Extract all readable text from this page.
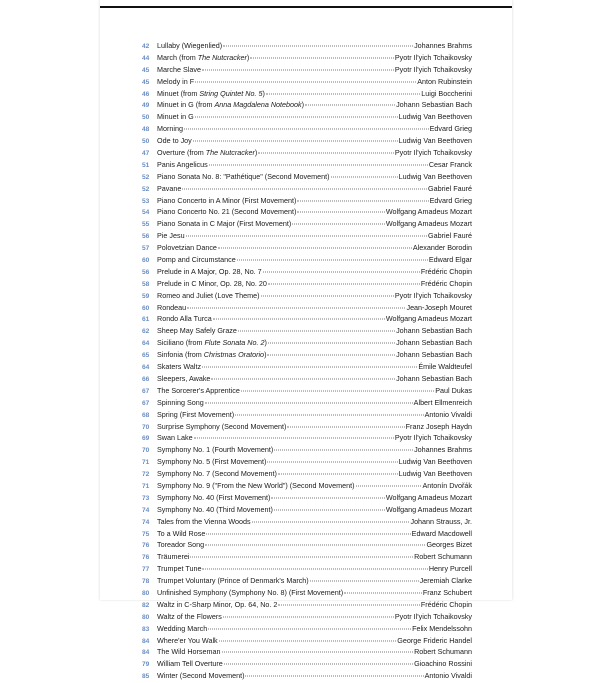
42	Lullaby (Wiegenlied)	Johannes Brahms
44	March (from The Nutcracker)	Pyotr Il'yich Tchaikovsky
45	Marche Slave	Pyotr Il'yich Tchaikovsky
45	Melody in F	Anton Rubinstein
46	Minuet (from String Quintet No. 5)	Luigi Boccherini
49	Minuet in G (from Anna Magdalena Notebook)	Johann Sebastian Bach
50	Minuet in G	Ludwig Van Beethoven
48	Morning	Edvard Grieg
50	Ode to Joy	Ludwig Van Beethoven
47	Overture (from The Nutcracker)	Pyotr Il'yich Tchaikovsky
51	Panis Angelicus	Cesar Franck
52	Piano Sonata No. 8: "Pathétique" (Second Movement)	Ludwig Van Beethoven
52	Pavane	Gabriel Fauré
53	Piano Concerto in A Minor (First Movement)	Edvard Grieg
54	Piano Concerto No. 21 (Second Movement)	Wolfgang Amadeus Mozart
55	Piano Sonata in C Major (First Movement)	Wolfgang Amadeus Mozart
56	Pie Jesu	Gabriel Fauré
57	Polovetzian Dance	Alexander Borodin
60	Pomp and Circumstance	Edward Elgar
56	Prelude in A Major, Op. 28, No. 7	Frédéric Chopin
58	Prelude in C Minor, Op. 28, No. 20	Frédéric Chopin
59	Romeo and Juliet (Love Theme)	Pyotr Il'yich Tchaikovsky
60	Rondeau	Jean-Joseph Mouret
61	Rondo Alla Turca	Wolfgang Amadeus Mozart
62	Sheep May Safely Graze	Johann Sebastian Bach
64	Siciliano (from Flute Sonata No. 2)	Johann Sebastian Bach
65	Sinfonia (from Christmas Oratorio)	Johann Sebastian Bach
64	Skaters Waltz	Émile Waldteufel
66	Sleepers, Awake	Johann Sebastian Bach
67	The Sorcerer's Apprentice	Paul Dukas
67	Spinning Song	Albert Ellmenreich
68	Spring (First Movement)	Antonio Vivaldi
70	Surprise Symphony (Second Movement)	Franz Joseph Haydn
69	Swan Lake	Pyotr Il'yich Tchaikovsky
70	Symphony No. 1 (Fourth Movement)	Johannes Brahms
71	Symphony No. 5 (First Movement)	Ludwig Van Beethoven
72	Symphony No. 7 (Second Movement)	Ludwig Van Beethoven
71	Symphony No. 9 ("From the New World") (Second Movement)	Antonín Dvořák
73	Symphony No. 40 (First Movement)	Wolfgang Amadeus Mozart
74	Symphony No. 40 (Third Movement)	Wolfgang Amadeus Mozart
74	Tales from the Vienna Woods	Johann Strauss, Jr.
75	To a Wild Rose	Edward Macdowell
76	Toreador Song	Georges Bizet
76	Träumerei	Robert Schumann
77	Trumpet Tune	Henry Purcell
78	Trumpet Voluntary (Prince of Denmark's March)	Jeremiah Clarke
80	Unfinished Symphony (Symphony No. 8) (First Movement)	Franz Schubert
82	Waltz in C-Sharp Minor, Op. 64, No. 2	Frédéric Chopin
80	Waltz of the Flowers	Pyotr Il'yich Tchaikovsky
83	Wedding March	Felix Mendelssohn
84	Where'er You Walk	George Frideric Handel
84	The Wild Horseman	Robert Schumann
79	William Tell Overture	Gioachino Rossini
85	Winter (Second Movement)	Antonio Vivaldi
